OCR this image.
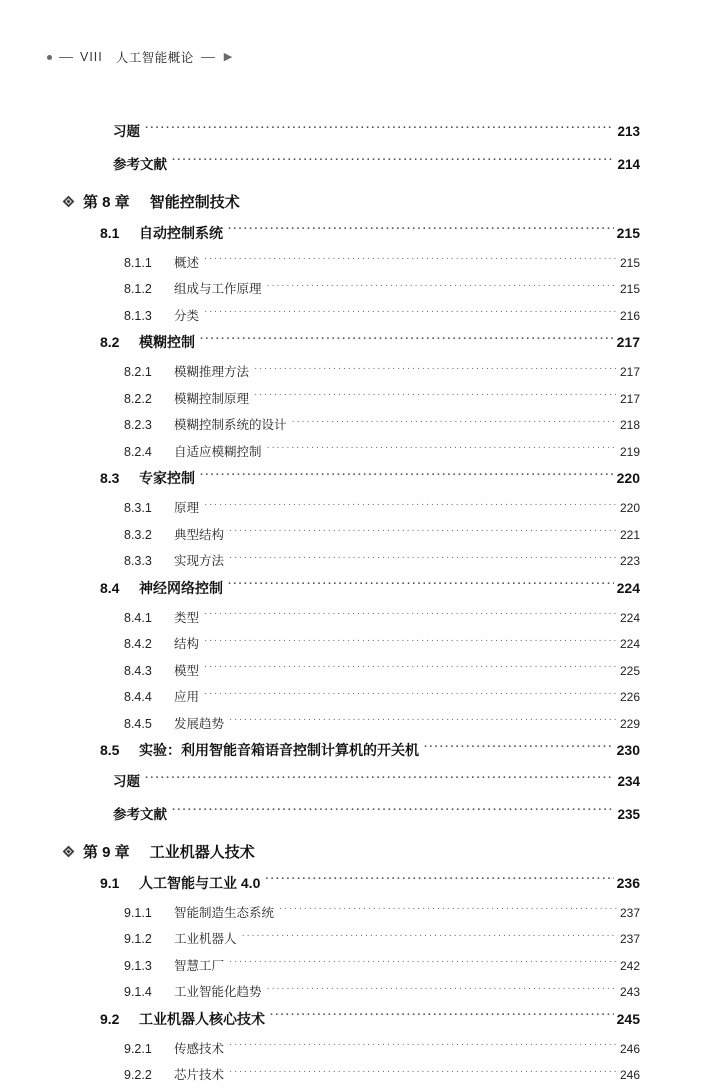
VIII 人工智能概论	▶
习题 ·····	213
参考文献 ·····	214
第 8 章 智能控制技术
8.1	自动控制系统 ·····	215
8.1.1	概述 ·····	215
8.1.2	组成与工作原理 ·····	215
8.1.3	分类 ·····	216
8.2	模糊控制 ·····	217
8.2.1	模糊推理方法 ·····	217
8.2.2	模糊控制原理 ·····	217
8.2.3	模糊控制系统的设计 ·····	218
8.2.4	自适应模糊控制 ·····	219
8.3	专家控制 ·····	220
8.3.1	原理 ·····	220
8.3.2	典型结构 ·····	221
8.3.3	实现方法 ·····	223
8.4	神经网络控制 ·····	224
8.4.1	类型 ·····	224
8.4.2	结构 ·····	224
8.4.3	模型 ·····	225
8.4.4	应用 ·····	226
8.4.5	发展趋势 ·····	229
8.5	实验：利用智能音箱语音控制计算机的开关机 ·····	230
习题 ·····	234
参考文献 ·····	235
第 9 章 工业机器人技术
9.1	人工智能与工业 4.0 ·····	236
9.1.1	智能制造生态系统 ·····	237
9.1.2	工业机器人 ·····	237
9.1.3	智慧工厂 ·····	242
9.1.4	工业智能化趋势 ·····	243
9.2	工业机器人核心技术 ·····	245
9.2.1	传感技术 ·····	246
9.2.2	芯片技术 ·····	246
